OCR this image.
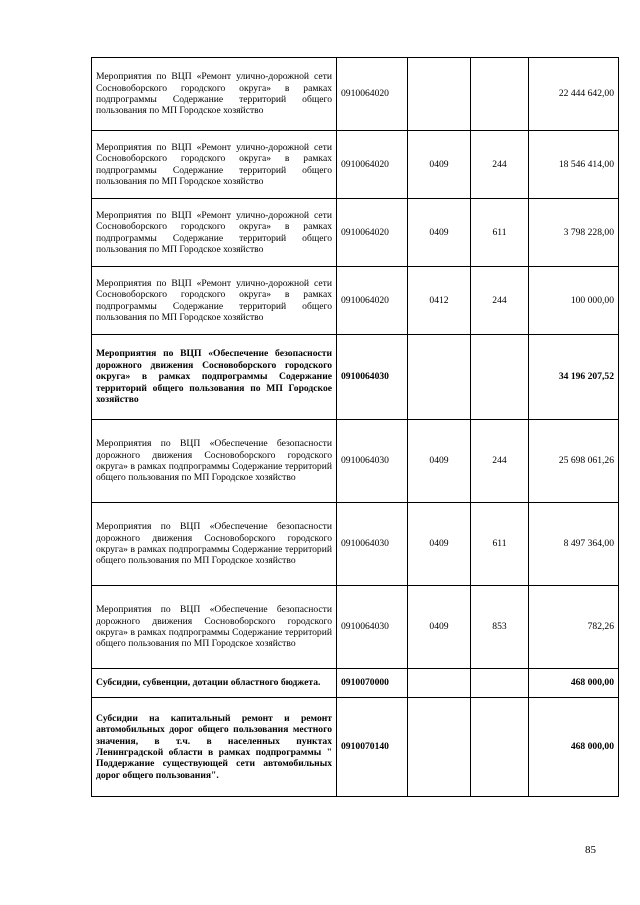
Мероприятия по ВЦП «Ремонт улично-дорожной сети Сосновоборского городского округа» в рамках подпрограммы Содержание территорий общего пользования по МП Городское хозяйство	0910064020			22 444 642,00
Мероприятия по ВЦП «Ремонт улично-дорожной сети Сосновоборского городского округа» в рамках подпрограммы Содержание территорий общего пользования по МП Городское хозяйство	0910064020	0409	244	18 546 414,00
Мероприятия по ВЦП «Ремонт улично-дорожной сети Сосновоборского городского округа» в рамках подпрограммы Содержание территорий общего пользования по МП Городское хозяйство	0910064020	0409	611	3 798 228,00
Мероприятия по ВЦП «Ремонт улично-дорожной сети Сосновоборского городского округа» в рамках подпрограммы Содержание территорий общего пользования по МП Городское хозяйство	0910064020	0412	244	100 000,00
Мероприятия по ВЦП «Обеспечение безопасности дорожного движения Сосновоборского городского округа» в рамках подпрограммы Содержание территорий общего пользования по МП Городское хозяйство	0910064030			34 196 207,52
Мероприятия по ВЦП «Обеспечение безопасности дорожного движения Сосновоборского городского округа» в рамках подпрограммы Содержание территорий общего пользования по МП Городское хозяйство	0910064030	0409	244	25 698 061,26
Мероприятия по ВЦП «Обеспечение безопасности дорожного движения Сосновоборского городского округа» в рамках подпрограммы Содержание территорий общего пользования по МП Городское хозяйство	0910064030	0409	611	8 497 364,00
Мероприятия по ВЦП «Обеспечение безопасности дорожного движения Сосновоборского городского округа» в рамках подпрограммы Содержание территорий общего пользования по МП Городское хозяйство	0910064030	0409	853	782,26
Субсидии, субвенции, дотации областного бюджета.	0910070000			468 000,00
Субсидии на капитальный ремонт и ремонт автомобильных дорог общего пользования местного значения, в т.ч. в населенных пунктах Ленинградской области в рамках подпрограммы " Поддержание существующей сети автомобильных дорог общего пользования".	0910070140			468 000,00
85
